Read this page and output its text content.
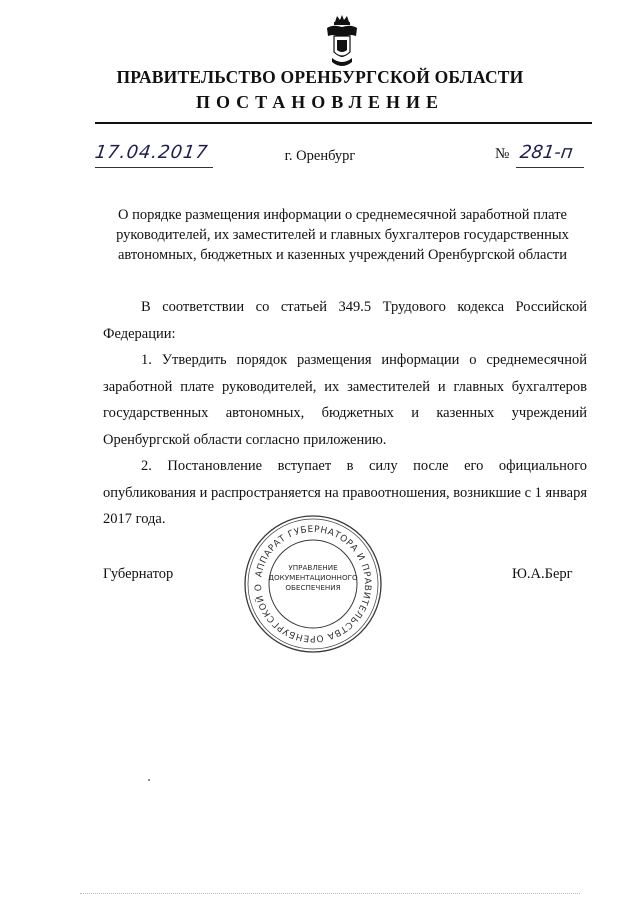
ПРАВИТЕЛЬСТВО ОРЕНБУРГСКОЙ ОБЛАСТИ
ПОСТАНОВЛЕНИЕ
17.04.2017	г. Оренбург	№ 281-п
О порядке размещения информации о среднемесячной заработной плате руководителей, их заместителей и главных бухгалтеров государственных автономных, бюджетных и казенных учреждений Оренбургской области

В соответствии со статьей 349.5 Трудового кодекса Российской Федерации:

1. Утвердить порядок размещения информации о среднемесячной заработной плате руководителей, их заместителей и главных бухгалтеров государственных автономных, бюджетных и казенных учреждений Оренбургской области согласно приложению.

2. Постановление вступает в силу после его официального опубликования и распространяется на правоотношения, возникшие с 1 января 2017 года.

Губернатор	Ю.А.Берг
АППАРАТ ГУБЕРНАТОРА И ПРАВИТЕЛЬСТВА ОРЕНБУРГСКОЙ О
УПРАВЛЕНИЕ
ДОКУМЕНТАЦИОННОГО
ОБЕСПЕЧЕНИЯ
